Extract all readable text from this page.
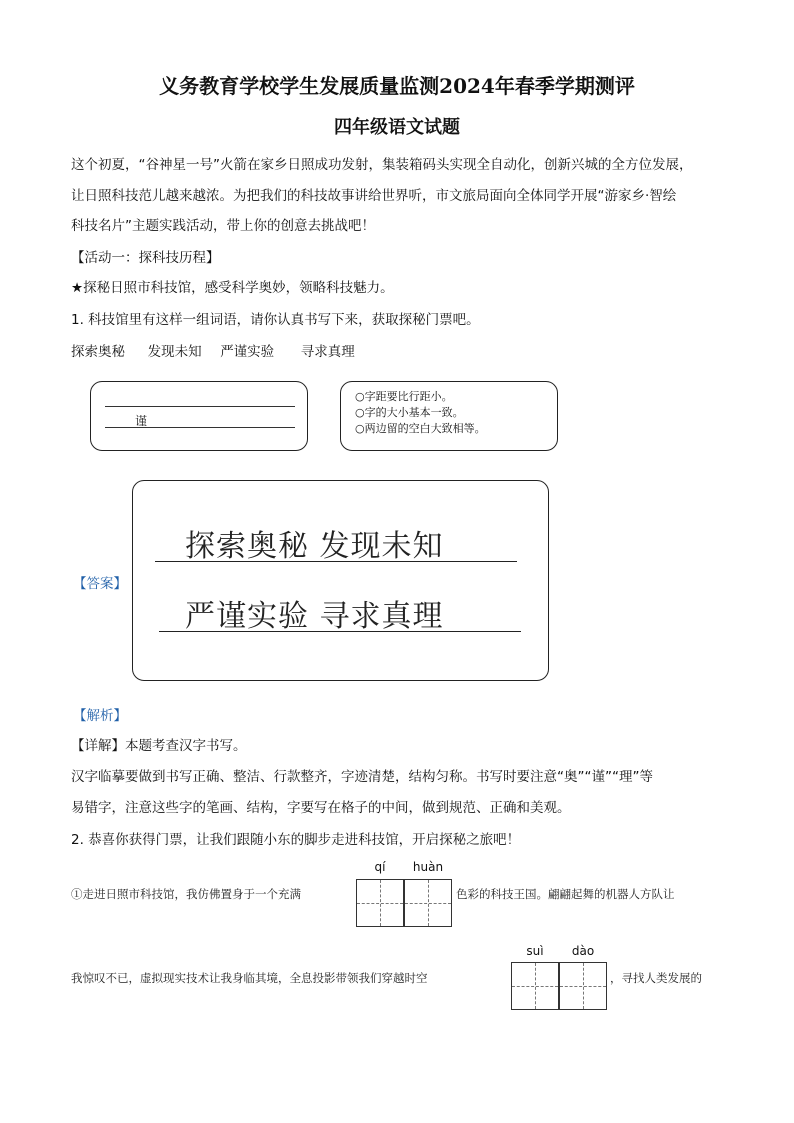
义务教育学校学生发展质量监测2024年春季学期测评
四年级语文试题
这个初夏，“谷神星一号”火箭在家乡日照成功发射，集装箱码头实现全自动化，创新兴城的全方位发展，
让日照科技范儿越来越浓。为把我们的科技故事讲给世界听，市文旅局面向全体同学开展“游家乡·智绘
科技名片”主题实践活动，带上你的创意去挑战吧！
【活动一：探科技历程】
★探秘日照市科技馆，感受科学奥妙，领略科技魅力。
1. 科技馆里有这样一组词语，请你认真书写下来，获取探秘门票吧。
探索奥秘 发现未知 严谨实验 寻求真理
谨
○字距要比行距小。
○字的大小基本一致。
○两边留的空白大致相等。
【答案】
探索奥秘 发现未知
严谨实验 寻求真理
【解析】
【详解】本题考查汉字书写。
汉字临摹要做到书写正确、整洁、行款整齐，字迹清楚，结构匀称。书写时要注意“奥”“谨”“理”等
易错字，注意这些字的笔画、结构，字要写在格子的中间，做到规范、正确和美观。
2. 恭喜你获得门票，让我们跟随小东的脚步走进科技馆，开启探秘之旅吧！
①走进日照市科技馆，我仿佛置身于一个充满
qí	huàn
色彩的科技王国。翩翩起舞的机器人方队让
我惊叹不已，虚拟现实技术让我身临其境，全息投影带领我们穿越时空
suì	dào
，寻找人类发展的
